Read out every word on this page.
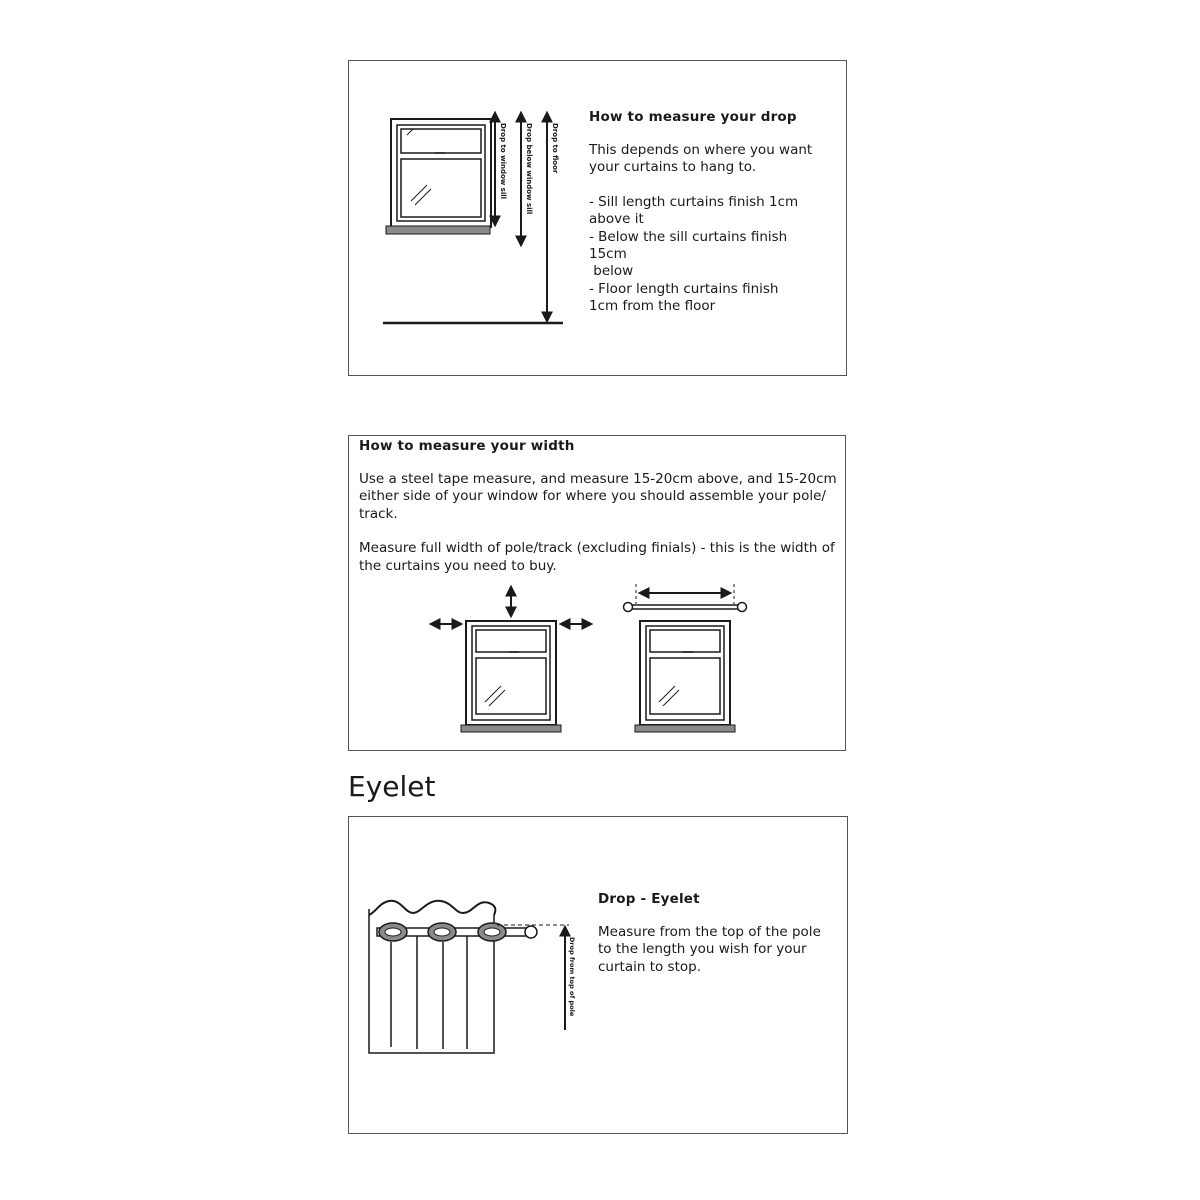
Drop to window sill	Drop below window sill	Drop to floor

How to measure your drop

This depends on where you want your curtains to hang to.

- Sill length curtains finish 1cm
above it
- Below the sill curtains finish
15cm
below
- Floor length curtains finish
1cm from the floor

How to measure your width

Use a steel tape measure, and measure 15-20cm above, and 15-20cm either side of your window for where you should assemble your pole/ track.

Measure full width of pole/track (excluding finials) - this is the width of the curtains you need to buy.

Eyelet
Drop from top of pole

Drop - Eyelet

Measure from the top of the pole to the length you wish for your curtain to stop.
